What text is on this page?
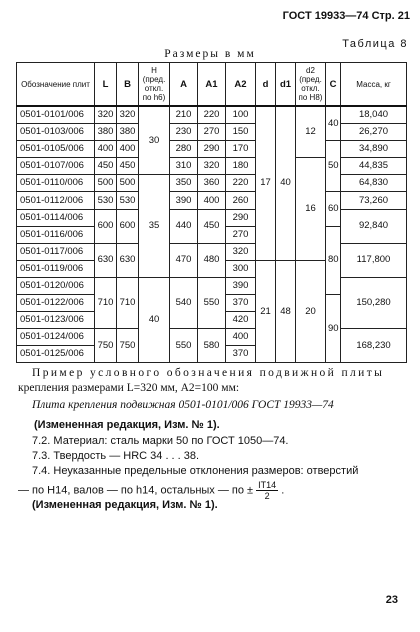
ГОСТ 19933—74 Стр. 21
Таблица 8
Размеры в мм
Обозначение плит	L	B	H (пред. откл. по h6)	A	A1	A2	d	d1	d2 (пред. откл. по H8)	C	Масса, кг
0501-0101/006	320	320	30	210	220	100	17	40	12	40	18,040
0501-0103/006	380	380		230	270	150					26,270
0501-0105/006	400	400		280	290	170				50	34,890
0501-0107/006	450	450		310	320	180			16		44,835
0501-0110/006	500	500	35	350	360	220					64,830
0501-0112/006	530	530		390	400	260				60	73,260
0501-0114/006	600	600		440	450	290					92,840
0501-0116/006						270				80	
0501-0117/006	630	630		470	480	320					117,800
0501-0119/006						300	21	48	20		
0501-0120/006	710	710	40	540	550	390					150,280
0501-0122/006						370				90	
0501-0123/006						420					
0501-0124/006	750	750		550	580	400					168,230
0501-0125/006						370					
Пример условного обозначения подвижной плиты
крепления размерами L=320 мм, A2=100 мм:
Плита крепления подвижная 0501-0101/006 ГОСТ 19933—74
(Измененная редакция, Изм. № 1).
7.2. Материал: сталь марки 50 по ГОСТ 1050—74.
7.3. Твердость — HRC 34 . . . 38.
7.4. Неуказанные предельные отклонения размеров: отверстий
— по H14, валов — по h14, остальных — по ± $\frac{IT14}{2}$ .
(Измененная редакция, Изм. № 1).
23
